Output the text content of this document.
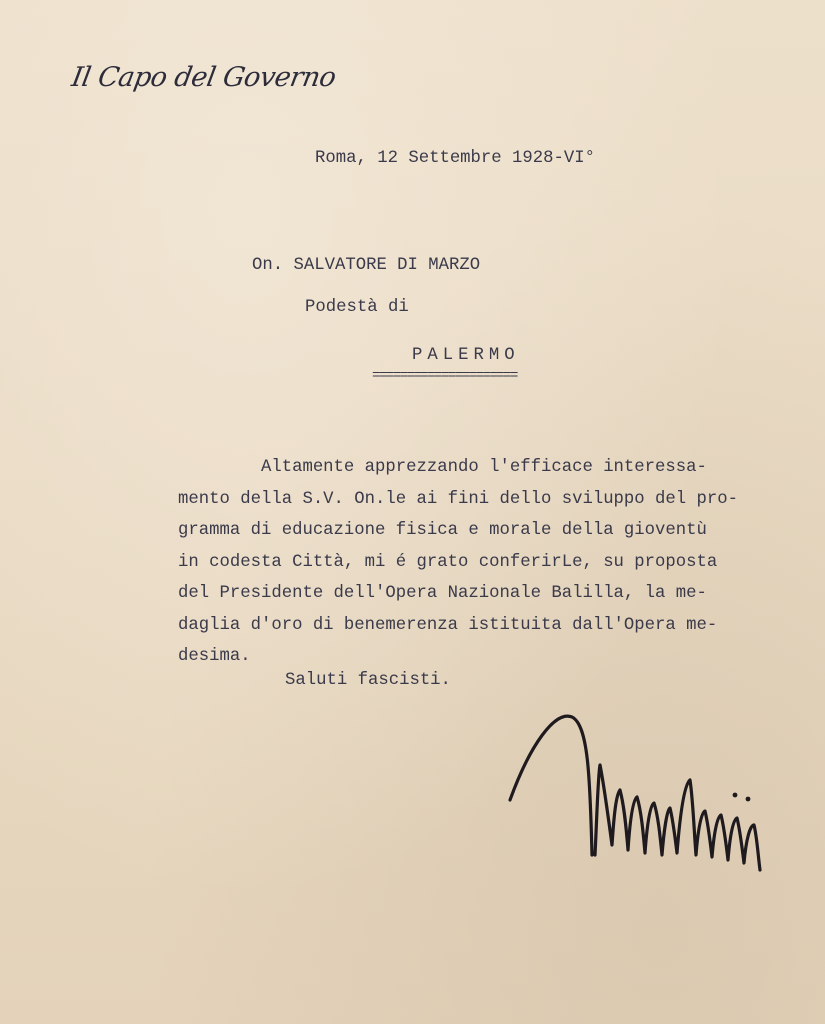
Il Capo del Governo
Roma, 12 Settembre 1928-VI°
On. SALVATORE DI MARZO
Podestà di
PALERMO
=====================
Altamente apprezzando l'efficace interessa-
mento della S.V. On.le ai fini dello sviluppo del pro-
gramma di educazione fisica e morale della gioventù
in codesta Città, mi é grato conferirLe, su proposta
del Presidente dell'Opera Nazionale Balilla, la me-
daglia d'oro di benemerenza istituita dall'Opera me-
desima.
Saluti fascisti.
